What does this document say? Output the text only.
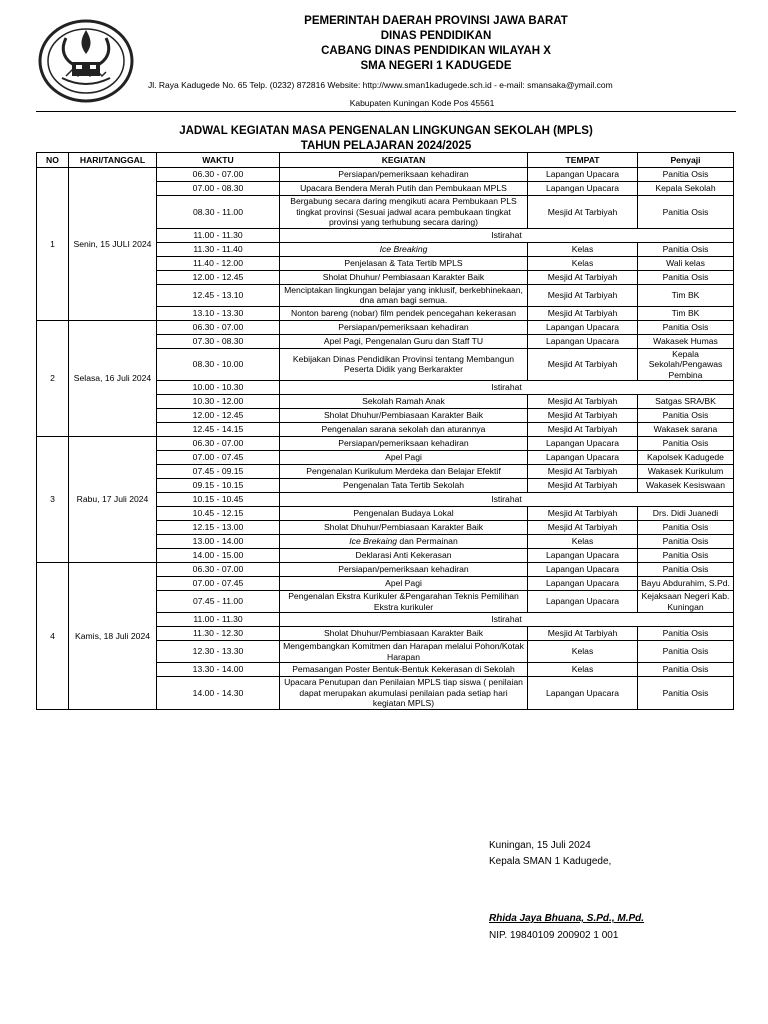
PEMERINTAH DAERAH PROVINSI JAWA BARAT
DINAS PENDIDIKAN
CABANG DINAS PENDIDIKAN WILAYAH X
SMA NEGERI 1 KADUGEDE
Jl. Raya Kadugede No. 65 Telp. (0232) 872816 Website: http://www.sman1kadugede.sch.id - e-mail: smansaka@ymail.com
Kabupaten Kuningan Kode Pos 45561
JADWAL KEGIATAN MASA PENGENALAN LINGKUNGAN SEKOLAH (MPLS)
TAHUN PELAJARAN 2024/2025
NO	HARI/TANGGAL	WAKTU	KEGIATAN	TEMPAT	Penyaji
1	Senin, 15 JULI 2024	06.30 - 07.00	Persiapan/pemeriksaan kehadiran	Lapangan Upacara	Panitia Osis
		07.00 - 08.30	Upacara Bendera Merah Putih dan Pembukaan MPLS	Lapangan Upacara	Kepala Sekolah
		08.30 - 11.00	Bergabung secara daring mengikuti acara Pembukaan PLS tingkat provinsi (Sesuai jadwal acara pembukaan tingkat provinsi yang terhubung secara daring)	Mesjid At Tarbiyah	Panitia Osis
		11.00 - 11.30	Istirahat		
		11.30 - 11.40	Ice Breaking	Kelas	Panitia Osis
		11.40 - 12.00	Penjelasan & Tata Tertib MPLS	Kelas	Wali kelas
		12.00 - 12.45	Sholat Dhuhur/ Pembiasaan Karakter Baik	Mesjid At Tarbiyah	Panitia Osis
		12.45 - 13.10	Menciptakan lingkungan belajar yang inklusif, berkebhinekaan, dna aman bagi semua.	Mesjid At Tarbiyah	Tim BK
		13.10 - 13.30	Nonton bareng (nobar) film pendek pencegahan kekerasan	Mesjid At Tarbiyah	Tim BK
2	Selasa, 16 Juli 2024	06.30 - 07.00	Persiapan/pemeriksaan kehadiran	Lapangan Upacara	Panitia Osis
		07.30 - 08.30	Apel Pagi, Pengenalan Guru dan Staff TU	Lapangan Upacara	Wakasek Humas
		08.30 - 10.00	Kebijakan Dinas Pendidikan Provinsi tentang Membangun Peserta Didik yang Berkarakter	Mesjid At Tarbiyah	Kepala Sekolah/Pengawas Pembina
		10.00 - 10.30	Istirahat		
		10.30 - 12.00	Sekolah Ramah Anak	Mesjid At Tarbiyah	Satgas SRA/BK
		12.00 - 12.45	Sholat Dhuhur/Pembiasaan Karakter Baik	Mesjid At Tarbiyah	Panitia Osis
		12.45 - 14.15	Pengenalan sarana sekolah dan aturannya	Mesjid At Tarbiyah	Wakasek sarana
3	Rabu, 17 Juli 2024	06.30 - 07.00	Persiapan/pemeriksaan kehadiran	Lapangan Upacara	Panitia Osis
		07.00 - 07.45	Apel Pagi	Lapangan Upacara	Kapolsek Kadugede
		07.45 - 09.15	Pengenalan Kurikulum Merdeka dan Belajar Efektif	Mesjid At Tarbiyah	Wakasek Kurikulum
		09.15 - 10.15	Pengenalan Tata Tertib Sekolah	Mesjid At Tarbiyah	Wakasek Kesiswaan
		10.15 - 10.45	Istirahat		
		10.45 - 12.15	Pengenalan Budaya Lokal	Mesjid At Tarbiyah	Drs. Didi Juanedi
		12.15 - 13.00	Sholat Dhuhur/Pembiasaan Karakter Baik	Mesjid At Tarbiyah	Panitia Osis
		13.00 - 14.00	Ice Brekaing dan Permainan	Kelas	Panitia Osis
		14.00 - 15.00	Deklarasi Anti Kekerasan	Lapangan Upacara	Panitia Osis
4	Kamis, 18 Juli 2024	06.30 - 07.00	Persiapan/pemeriksaan kehadiran	Lapangan Upacara	Panitia Osis
		07.00 - 07.45	Apel Pagi	Lapangan Upacara	Bayu Abdurahim, S.Pd.
		07.45 - 11.00	Pengenalan Ekstra Kurikuler &Pengarahan Teknis Pemilihan Ekstra kurikuler	Lapangan Upacara	Kejaksaan Negeri Kab. Kuningan
		11.00 - 11.30	Istirahat		
		11.30 - 12.30	Sholat Dhuhur/Pembiasaan Karakter Baik	Mesjid At Tarbiyah	Panitia Osis
		12.30 - 13.30	Mengembangkan Komitmen dan Harapan melalui Pohon/Kotak Harapan	Kelas	Panitia Osis
		13.30 - 14.00	Pemasangan Poster Bentuk-Bentuk Kekerasan di Sekolah	Kelas	Panitia Osis
		14.00 - 14.30	Upacara Penutupan dan Penilaian MPLS tiap siswa ( penilaian dapat merupakan akumulasi penilaian pada setiap hari kegiatan MPLS)	Lapangan Upacara	Panitia Osis
Kuningan, 15 Juli 2024
Kepala SMAN 1 Kadugede,
Rhida Jaya Bhuana, S.Pd., M.Pd.
NIP. 19840109 200902 1 001
